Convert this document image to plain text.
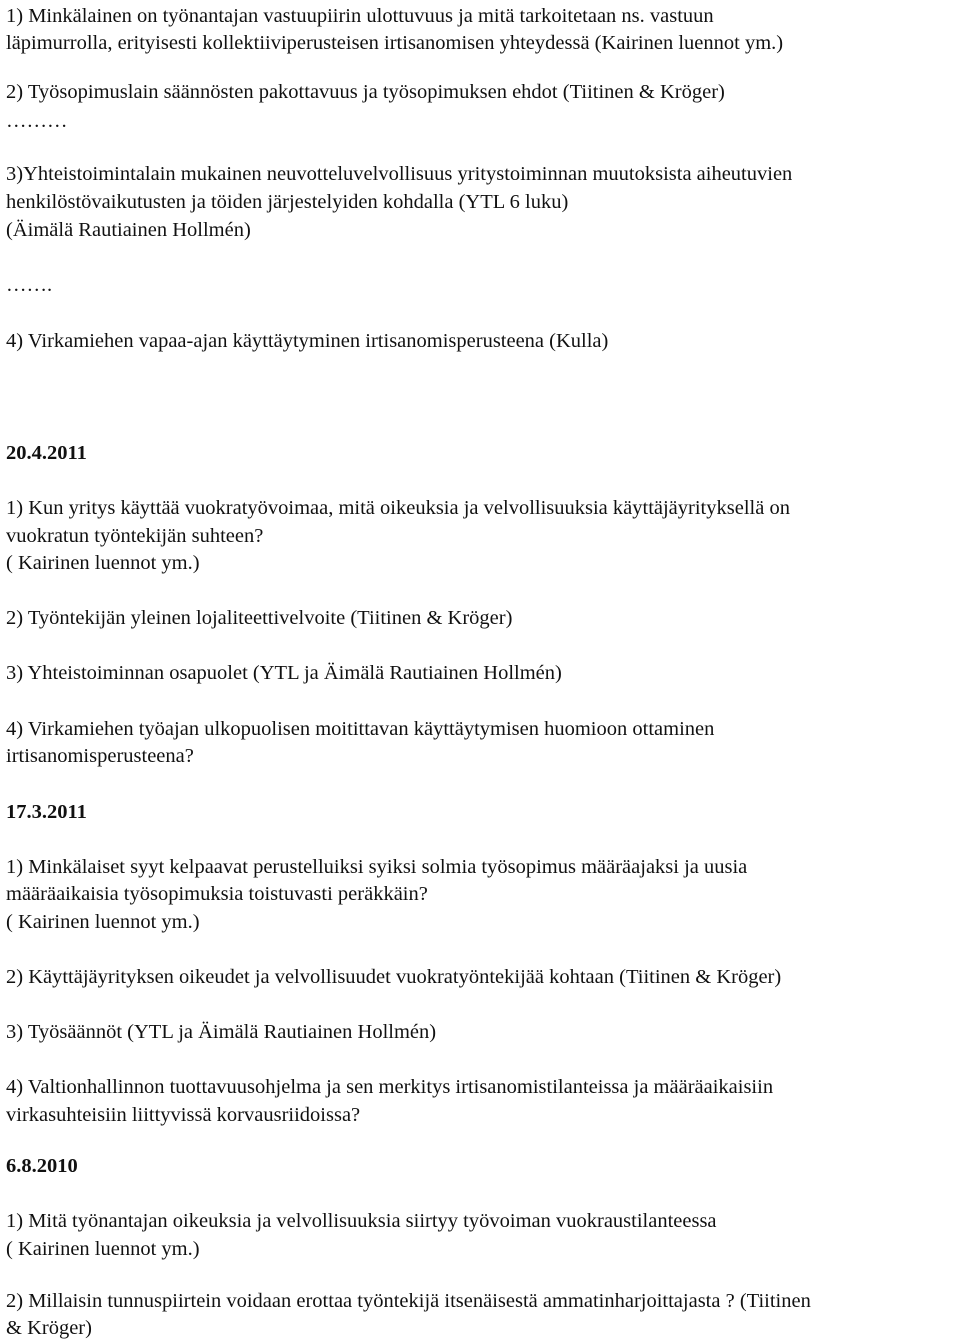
1) Minkälainen on työnantajan vastuupiirin ulottuvuus ja mitä tarkoitetaan ns. vastuun

läpimurrolla, erityisesti kollektiiviperusteisen irtisanomisen yhteydessä (Kairinen luennot ym.)

2) Työsopimuslain säännösten pakottavuus ja työsopimuksen ehdot (Tiitinen & Kröger)

………

3)Yhteistoimintalain mukainen neuvotteluvelvollisuus yritystoiminnan muutoksista aiheutuvien

henkilöstövaikutusten ja töiden järjestelyiden kohdalla (YTL 6 luku)

(Äimälä Rautiainen Hollmén)

…….

4) Virkamiehen vapaa-ajan käyttäytyminen irtisanomisperusteena (Kulla)

20.4.2011

1) Kun yritys käyttää vuokratyövoimaa, mitä oikeuksia ja velvollisuuksia käyttäjäyrityksellä on

vuokratun työntekijän suhteen?

( Kairinen luennot ym.)

2) Työntekijän yleinen lojaliteettivelvoite (Tiitinen & Kröger)

3) Yhteistoiminnan osapuolet (YTL ja Äimälä Rautiainen Hollmén)

4) Virkamiehen työajan ulkopuolisen moitittavan käyttäytymisen huomioon ottaminen

irtisanomisperusteena?

17.3.2011

1) Minkälaiset syyt kelpaavat perustelluiksi syiksi solmia työsopimus määräajaksi ja uusia

määräaikaisia työsopimuksia toistuvasti peräkkäin?

( Kairinen luennot ym.)

2) Käyttäjäyrityksen oikeudet ja velvollisuudet vuokratyöntekijää kohtaan (Tiitinen & Kröger)

3) Työsäännöt (YTL ja Äimälä Rautiainen Hollmén)

4) Valtionhallinnon tuottavuusohjelma ja sen merkitys irtisanomistilanteissa ja määräaikaisiin

virkasuhteisiin liittyvissä korvausriidoissa?

6.8.2010

1) Mitä työnantajan oikeuksia ja velvollisuuksia siirtyy työvoiman vuokraustilanteessa

( Kairinen luennot ym.)

2) Millaisin tunnuspiirtein voidaan erottaa työntekijä itsenäisestä ammatinharjoittajasta ? (Tiitinen

& Kröger)
